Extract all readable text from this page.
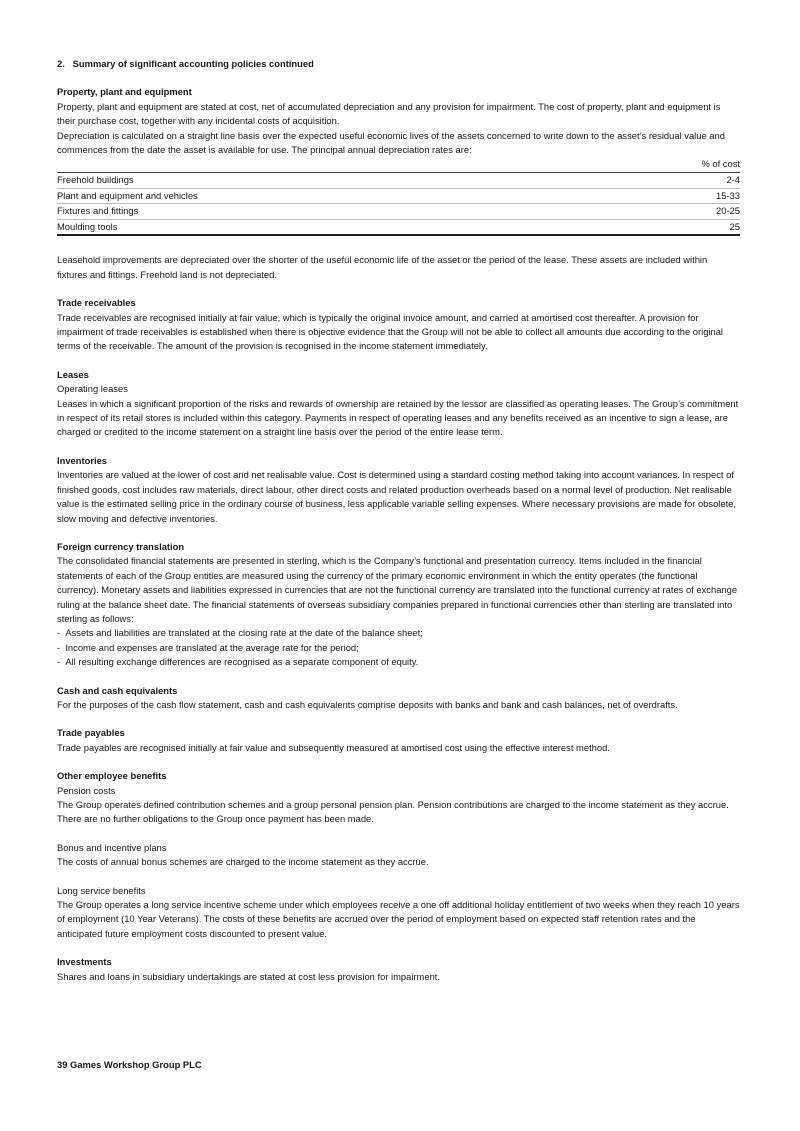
2.   Summary of significant accounting policies continued
Property, plant and equipment

Property, plant and equipment are stated at cost, net of accumulated depreciation and any provision for impairment. The cost of property, plant and equipment is their purchase cost, together with any incidental costs of acquisition.

Depreciation is calculated on a straight line basis over the expected useful economic lives of the assets concerned to write down to the asset’s residual value and commences from the date the asset is available for use. The principal annual depreciation rates are:

	% of cost
Freehold buildings	2-4
Plant and equipment and vehicles	15-33
Fixtures and fittings	20-25
Moulding tools	25

Leasehold improvements are depreciated over the shorter of the useful economic life of the asset or the period of the lease. These assets are included within fixtures and fittings. Freehold land is not depreciated.

Trade receivables

Trade receivables are recognised initially at fair value, which is typically the original invoice amount, and carried at amortised cost thereafter. A provision for impairment of trade receivables is established when there is objective evidence that the Group will not be able to collect all amounts due according to the original terms of the receivable. The amount of the provision is recognised in the income statement immediately.

Leases
Operating leases

Leases in which a significant proportion of the risks and rewards of ownership are retained by the lessor are classified as operating leases. The Group’s commitment in respect of its retail stores is included within this category. Payments in respect of operating leases and any benefits received as an incentive to sign a lease, are charged or credited to the income statement on a straight line basis over the period of the entire lease term.

Inventories

Inventories are valued at the lower of cost and net realisable value. Cost is determined using a standard costing method taking into account variances. In respect of finished goods, cost includes raw materials, direct labour, other direct costs and related production overheads based on a normal level of production. Net realisable value is the estimated selling price in the ordinary course of business, less applicable variable selling expenses. Where necessary provisions are made for obsolete, slow moving and defective inventories.

Foreign currency translation

The consolidated financial statements are presented in sterling, which is the Company’s functional and presentation currency. Items included in the financial statements of each of the Group entities are measured using the currency of the primary economic environment in which the entity operates (the functional currency). Monetary assets and liabilities expressed in currencies that are not the functional currency are translated into the functional currency at rates of exchange ruling at the balance sheet date. The financial statements of overseas subsidiary companies prepared in functional currencies other than sterling are translated into sterling as follows:

-  Assets and liabilities are translated at the closing rate at the date of the balance sheet;
-  Income and expenses are translated at the average rate for the period;
-  All resulting exchange differences are recognised as a separate component of equity.
Cash and cash equivalents

For the purposes of the cash flow statement, cash and cash equivalents comprise deposits with banks and bank and cash balances, net of overdrafts.

Trade payables

Trade payables are recognised initially at fair value and subsequently measured at amortised cost using the effective interest method.

Other employee benefits
Pension costs

The Group operates defined contribution schemes and a group personal pension plan. Pension contributions are charged to the income statement as they accrue. There are no further obligations to the Group once payment has been made.

Bonus and incentive plans

The costs of annual bonus schemes are charged to the income statement as they accrue.

Long service benefits

The Group operates a long service incentive scheme under which employees receive a one off additional holiday entitlement of two weeks when they reach 10 years of employment (10 Year Veterans). The costs of these benefits are accrued over the period of employment based on expected staff retention rates and the anticipated future employment costs discounted to present value.

Investments

Shares and loans in subsidiary undertakings are stated at cost less provision for impairment.

39 Games Workshop Group PLC
